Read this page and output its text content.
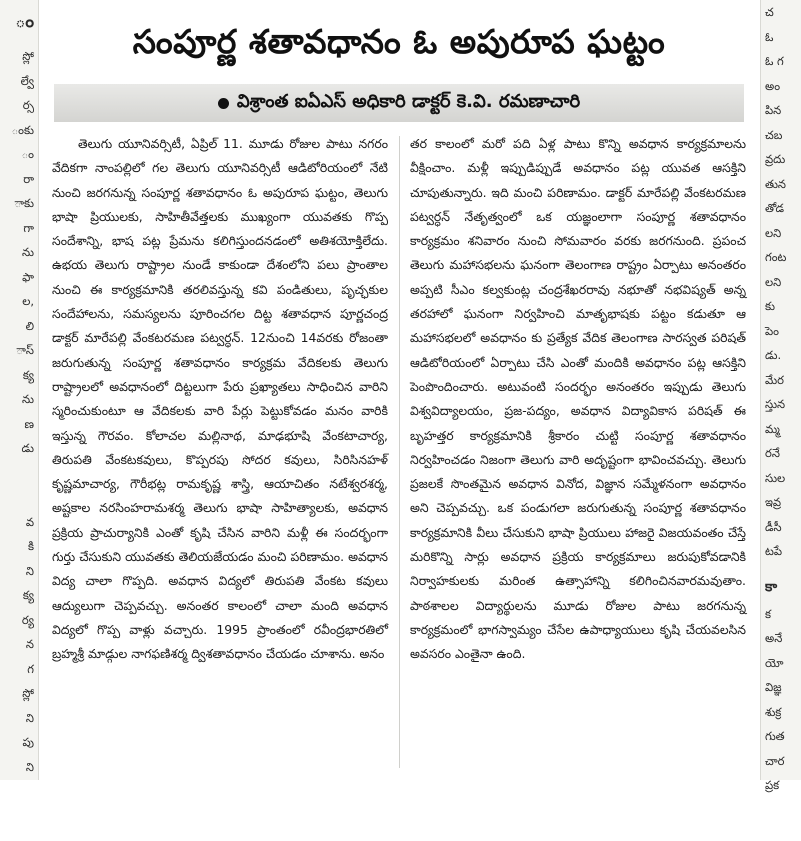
ం
స్లో
ల్వే
ర్స
ంకు
ం
రా
ాకు
గా
ను
ఫా
ల,
లి
ాస్
క్య
ను
ణ
డు

వ
కి
ని
క్య
ర్య
న
గ
స్లో
ని
పు
ని
సంపూర్ణ శతావధానం ఓ అపురూప ఘట్టం
విశ్రాంత ఐఏఎస్ అధికారి డాక్టర్ కె.వి. రమణాచారి

తెలుగు యూనివర్సిటీ, ఏప్రిల్ 11. మూడు రోజుల పాటు నగరం వేదికగా నాంపల్లిలో గల తెలుగు యూనివర్సిటీ ఆడిటోరియంలో నేటి నుంచి జరగనున్న సంపూర్ణ శతావధానం ఓ అపురూప ఘట్టం, తెలుగు భాషా ప్రియులకు, సాహితీవేత్తలకు ముఖ్యంగా యువతకు గొప్ప సందేశాన్ని, భాష పట్ల ప్రేమను కలిగిస్తుందనడంలో అతిశయోక్తిలేదు. ఉభయ తెలుగు రాష్ట్రాల నుండే కాకుండా దేశంలోని పలు ప్రాంతాల నుంచి ఈ కార్యక్రమానికి తరలివస్తున్న కవి పండితులు, పృచ్ఛకుల సందేహాలను, సమస్యలను పూరించగల దిట్ట శతావధాన పూర్ణచంద్ర డాక్టర్ మారేపల్లి వేంకటరమణ పట్వర్ధన్. 12నుంచి 14వరకు రోజంతా జరుగుతున్న సంపూర్ణ శతావధానం కార్యక్రమ వేదికలకు తెలుగు రాష్ట్రాలలో అవధానంలో దిట్టలుగా పేరు ప్రఖ్యాతలు సాధించిన వారిని స్మరించుకుంటూ ఆ వేదికలకు వారి పేర్లు పెట్టుకోవడం మనం వారికి ఇస్తున్న గౌరవం. కోలాచల మల్లినాథ, మాఢభూషి వేంకటాచార్య, తిరుపతి వేంకటకవులు, కొప్పరపు సోదర కవులు, సిరిసినహళ్ కృష్ణమాచార్య, గౌరీభట్ల రామకృష్ణ శాస్త్రి, ఆయాచితం నటేశ్వరశర్మ, అష్టకాల నరసింహరామశర్మ తెలుగు భాషా సాహిత్యాలకు, అవధాన ప్రక్రియ ప్రాచుర్యానికి ఎంతో కృషి చేసిన వారిని మళ్లీ ఈ సందర్భంగా గుర్తు చేసుకుని యువతకు తెలియజేయడం మంచి పరిణామం. అవధాన విద్య చాలా గొప్పది. అవధాన విద్యలో తిరుపతి వేంకట కవులు ఆద్యులుగా చెప్పవచ్చు. అనంతర కాలంలో చాలా మంది అవధాన విద్యలో గొప్ప వాళ్లు వచ్చారు. 1995 ప్రాంతంలో రవీంద్రభారతిలో బ్రహ్మశ్రీ మాడ్గుల నాగఫణిశర్మ ద్విశతావధానం చేయడం చూశాను. అనం

తర కాలంలో మరో పది ఏళ్ల పాటు కొన్ని అవధాన కార్యక్రమాలను వీక్షించాం. మళ్లీ ఇప్పుడిప్పుడే అవధానం పట్ల యువత ఆసక్తిని చూపుతున్నారు. ఇది మంచి పరిణామం. డాక్టర్ మారేపల్లి వేంకటరమణ పట్వర్ధన్ నేతృత్వంలో ఒక యజ్ఞంలాగా సంపూర్ణ శతావధానం కార్యక్రమం శనివారం నుంచి సోమవారం వరకు జరగనుంది. ప్రపంచ తెలుగు మహాసభలను ఘనంగా తెలంగాణ రాష్ట్రం ఏర్పాటు అనంతరం అప్పటి సీఎం కల్వకుంట్ల చంద్రశేఖరరావు నభూతో నభవిష్యత్ అన్న తరహాలో ఘనంగా నిర్వహించి మాతృభాషకు పట్టం కడుతూ ఆ మహాసభలలో అవధానం కు ప్రత్యేక వేదిక తెలంగాణ సారస్వత పరిషత్ ఆడిటోరియంలో ఏర్పాటు చేసి ఎంతో మందికి అవధానం పట్ల ఆసక్తిని పెంపొందించారు. అటువంటి సందర్భం అనంతరం ఇప్పుడు తెలుగు విశ్వవిద్యాలయం, ప్రజ-పద్యం, అవధాన విద్యావికాస పరిషత్ ఈ బృహత్తర కార్యక్రమానికి శ్రీకారం చుట్టి సంపూర్ణ శతావధానం నిర్వహించడం నిజంగా తెలుగు వారి అదృష్టంగా భావించవచ్చు. తెలుగు ప్రజలకే సొంతమైన అవధాన వినోద, విజ్ఞాన సమ్మేళనంగా అవధానం అని చెప్పవచ్చు. ఒక పండుగలా జరుగుతున్న సంపూర్ణ శతావధానం కార్యక్రమానికి వీలు చేసుకుని భాషా ప్రియులు హాజరై విజయవంతం చేస్తే మరికొన్ని సార్లు అవధాన ప్రక్రియ కార్యక్రమాలు జరుపుకోవడానికి నిర్వాహకులకు మరింత ఉత్సాహాన్ని కలిగించినవారమవుతాం. పాఠశాలల విద్యార్థులను మూడు రోజుల పాటు జరగనున్న కార్యక్రమంలో భాగస్వామ్యం చేసేల ఉపాధ్యాయులు కృషి చేయవలసిన అవసరం ఎంతైనా ఉంది.

చ
ఓ
ఓ గ
అం
పిన
చబ
వ్రదు
తున
తోడ
లని
గంట
లని
కు
పెం
డు.
మేర
స్తున
మ్మ
రనే
సుల
ఇవ్ర
డీసీ
టపే
కా
క
అనే
యో
విజ్ఞ
శుక్ర
గుత
చార
ప్రక
